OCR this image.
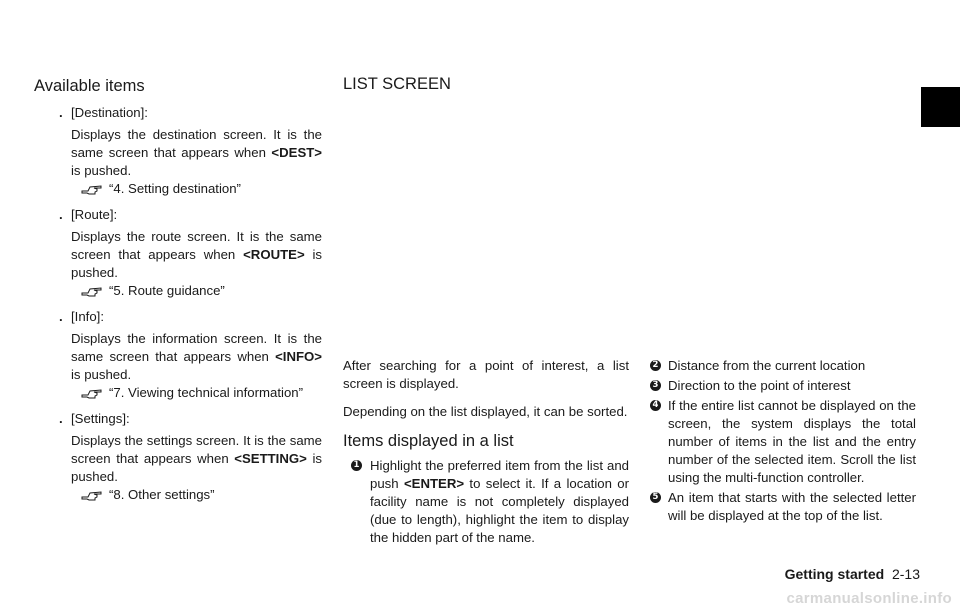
Available items
. [Destination]:
Displays the destination screen. It is the same screen that appears when <DEST> is pushed.
“4. Setting destination”
. [Route]:
Displays the route screen. It is the same screen that appears when <ROUTE> is pushed.
“5. Route guidance”
. [Info]:
Displays the information screen. It is the same screen that appears when <INFO> is pushed.
“7. Viewing technical information”
. [Settings]:
Displays the settings screen. It is the same screen that appears when <SETTING> is pushed.
“8. Other settings”
LIST SCREEN

After searching for a point of interest, a list screen is displayed.

Depending on the list displayed, it can be sorted.

Items displayed in a list
1 Highlight the preferred item from the list and push <ENTER> to select it. If a location or facility name is not completely displayed (due to length), highlight the item to display the hidden part of the name.
2 Distance from the current location
3 Direction to the point of interest
4 If the entire list cannot be displayed on the screen, the system displays the total number of items in the list and the entry number of the selected item. Scroll the list using the multi-function controller.
5 An item that starts with the selected letter will be displayed at the top of the list.
Getting started 2-13
carmanualsonline.info
